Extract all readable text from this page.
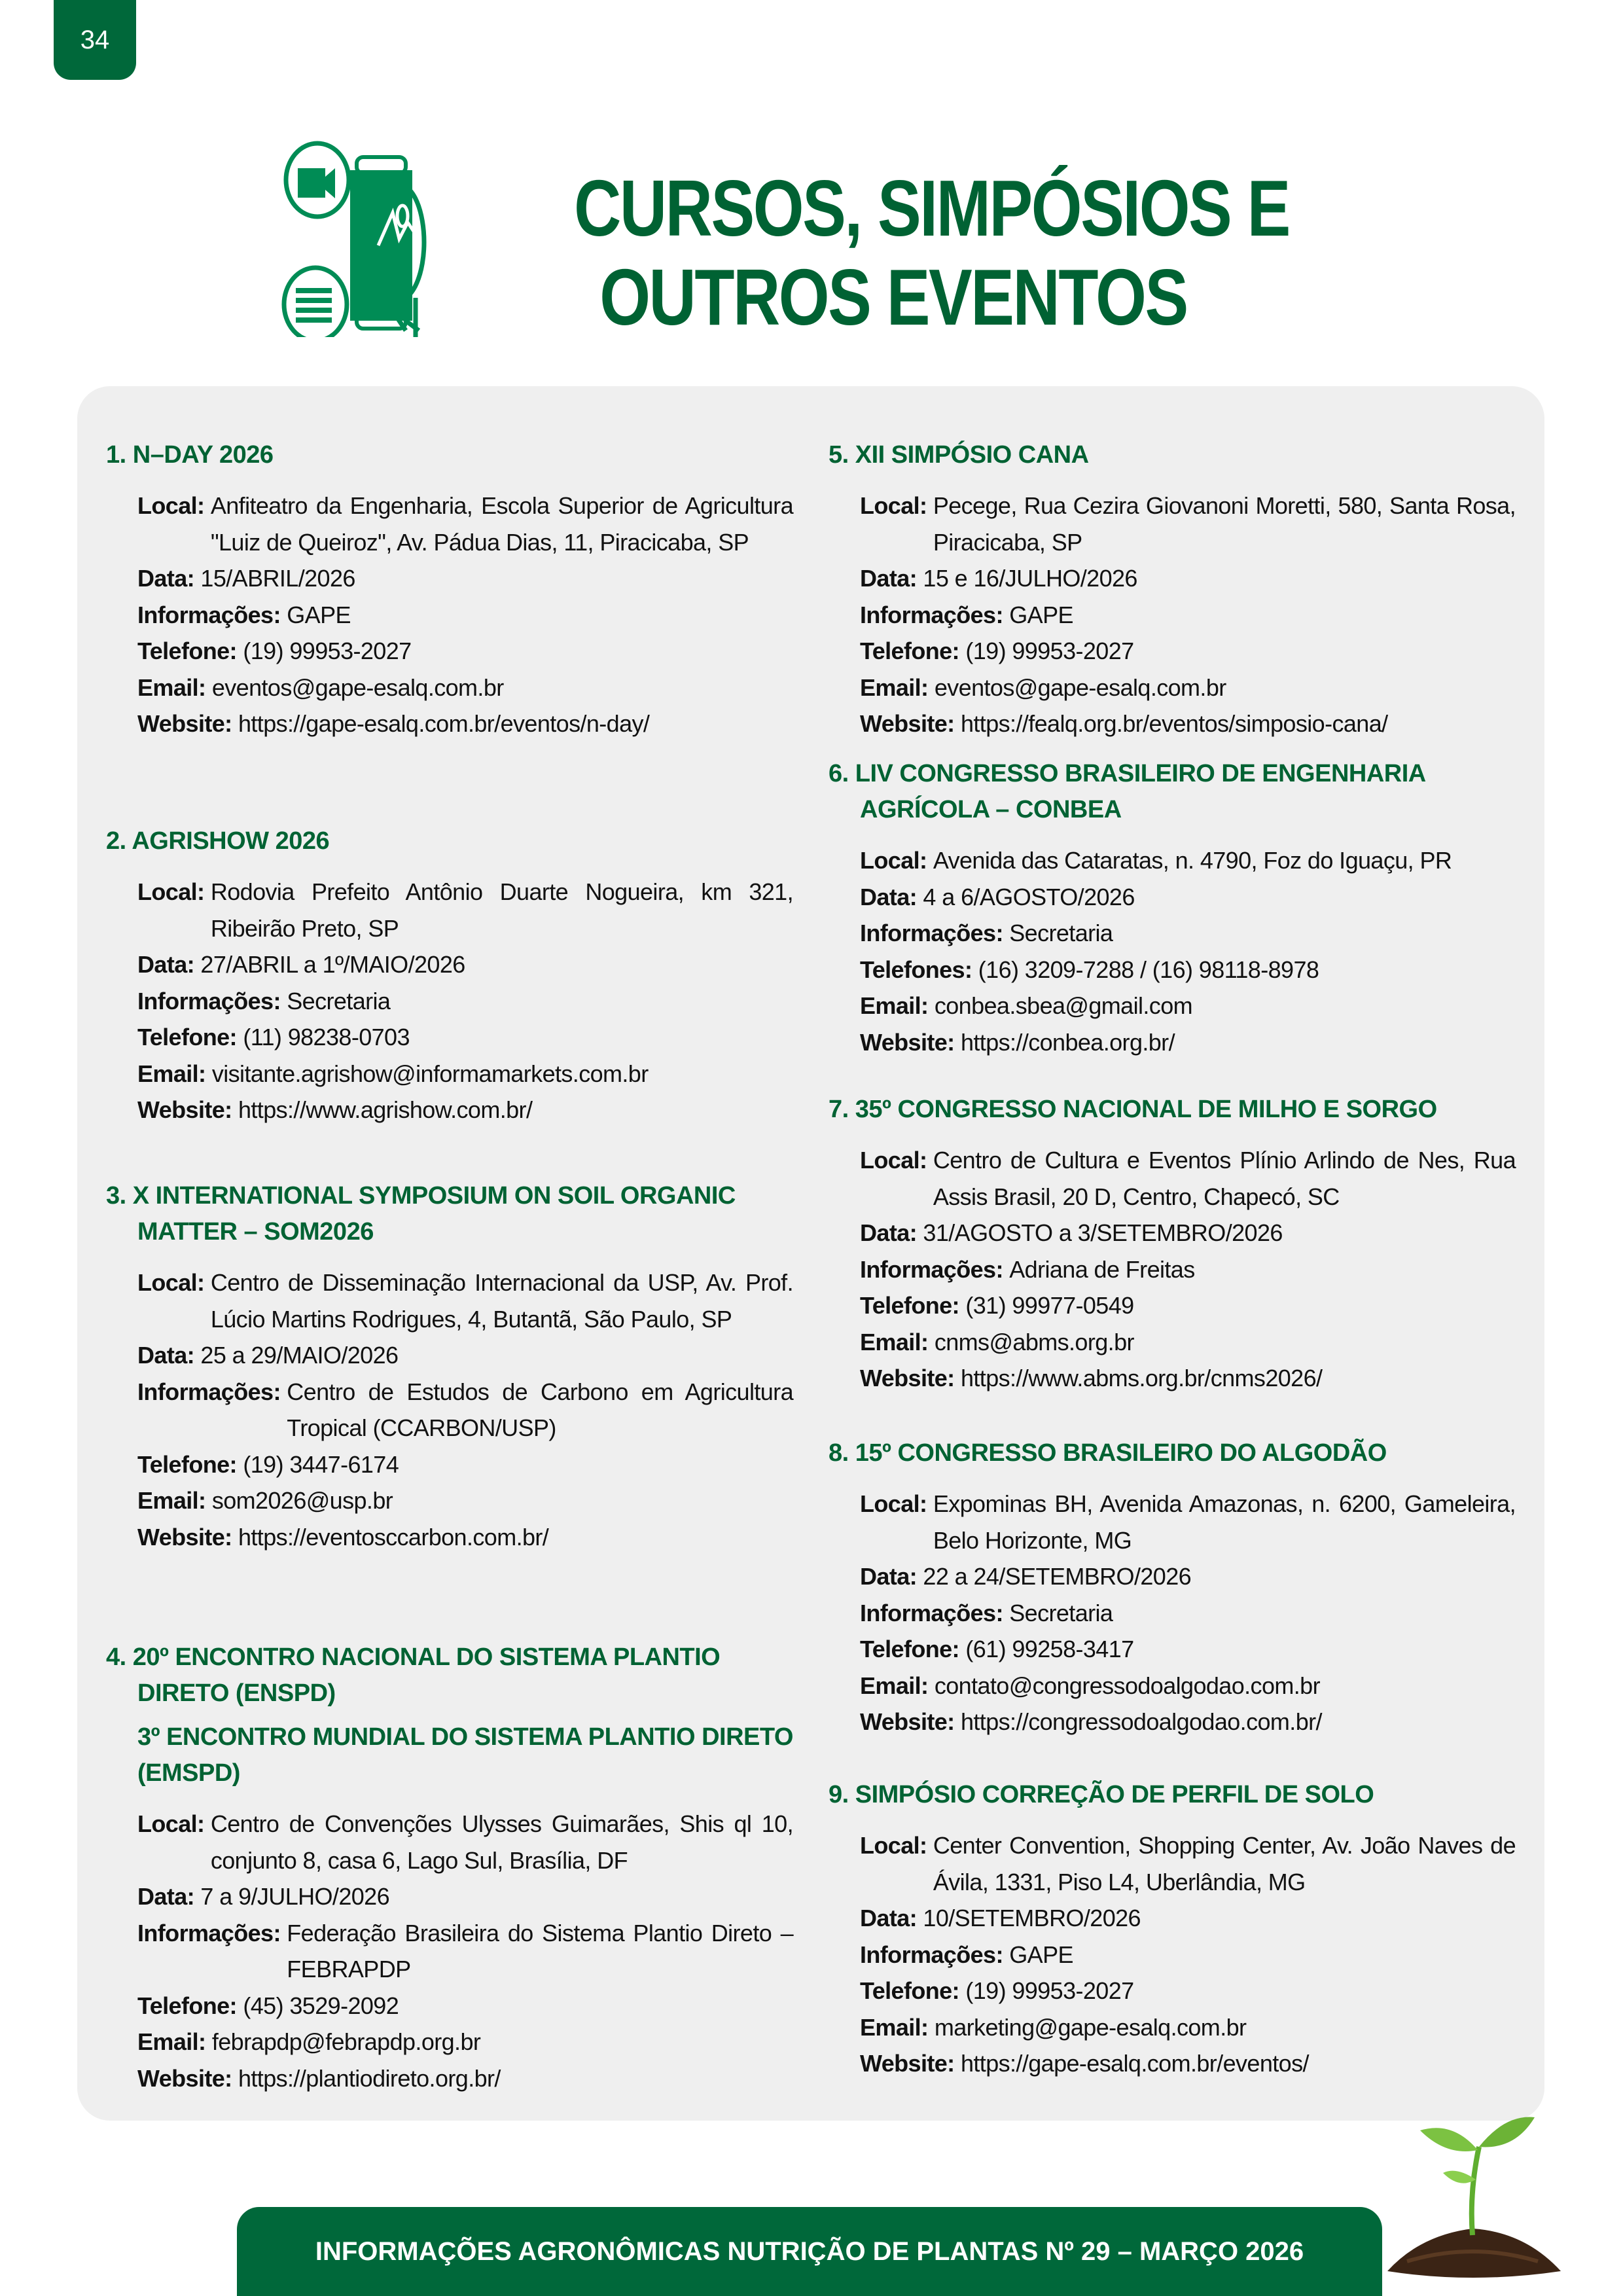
34
CURSOS, SIMPÓSIOS E
OUTROS EVENTOS
1. N–DAY 2026
Local: Anfiteatro da Engenharia, Escola Superior de Agricultura "Luiz de Queiroz", Av. Pádua Dias, 11, Piracicaba, SP
Data: 15/ABRIL/2026
Informações: GAPE
Telefone: (19) 99953-2027
Email: eventos@gape-esalq.com.br
Website: https://gape-esalq.com.br/eventos/n-day/
2. AGRISHOW 2026
Local: Rodovia Prefeito Antônio Duarte Nogueira, km 321, Ribeirão Preto, SP
Data: 27/ABRIL a 1º/MAIO/2026
Informações: Secretaria
Telefone: (11) 98238-0703
Email: visitante.agrishow@informamarkets.com.br
Website: https://www.agrishow.com.br/
3. X INTERNATIONAL SYMPOSIUM ON SOIL ORGANIC MATTER – SOM2026
Local: Centro de Disseminação Internacional da USP, Av. Prof. Lúcio Martins Rodrigues, 4, Butantã, São Paulo, SP
Data: 25 a 29/MAIO/2026
Informações: Centro de Estudos de Carbono em Agricultura Tropical (CCARBON/USP)
Telefone: (19) 3447-6174
Email: som2026@usp.br
Website: https://eventosccarbon.com.br/
4. 20º ENCONTRO NACIONAL DO SISTEMA PLANTIO DIRETO (ENSPD)
3º ENCONTRO MUNDIAL DO SISTEMA PLANTIO DIRETO (EMSPD)
Local: Centro de Convenções Ulysses Guimarães, Shis ql 10, conjunto 8, casa 6, Lago Sul, Brasília, DF
Data: 7 a 9/JULHO/2026
Informações: Federação Brasileira do Sistema Plantio Direto – FEBRAPDP
Telefone: (45) 3529-2092
Email: febrapdp@febrapdp.org.br
Website: https://plantiodireto.org.br/
5. XII SIMPÓSIO CANA
Local: Pecege, Rua Cezira Giovanoni Moretti, 580, Santa Rosa, Piracicaba, SP
Data: 15 e 16/JULHO/2026
Informações: GAPE
Telefone: (19) 99953-2027
Email: eventos@gape-esalq.com.br
Website: https://fealq.org.br/eventos/simposio-cana/
6. LIV CONGRESSO BRASILEIRO DE ENGENHARIA AGRÍCOLA – CONBEA
Local: Avenida das Cataratas, n. 4790, Foz do Iguaçu, PR
Data: 4 a 6/AGOSTO/2026
Informações: Secretaria
Telefones: (16) 3209-7288 / (16) 98118-8978
Email: conbea.sbea@gmail.com
Website: https://conbea.org.br/
7. 35º CONGRESSO NACIONAL DE MILHO E SORGO
Local: Centro de Cultura e Eventos Plínio Arlindo de Nes, Rua Assis Brasil, 20 D, Centro, Chapecó, SC
Data: 31/AGOSTO a 3/SETEMBRO/2026
Informações: Adriana de Freitas
Telefone: (31) 99977-0549
Email: cnms@abms.org.br
Website: https://www.abms.org.br/cnms2026/
8. 15º CONGRESSO BRASILEIRO DO ALGODÃO
Local: Expominas BH, Avenida Amazonas, n. 6200, Gameleira, Belo Horizonte, MG
Data: 22 a 24/SETEMBRO/2026
Informações: Secretaria
Telefone: (61) 99258-3417
Email: contato@congressodoalgodao.com.br
Website: https://congressodoalgodao.com.br/
9. SIMPÓSIO CORREÇÃO DE PERFIL DE SOLO
Local: Center Convention, Shopping Center, Av. João Naves de Ávila, 1331, Piso L4, Uberlândia, MG
Data: 10/SETEMBRO/2026
Informações: GAPE
Telefone: (19) 99953-2027
Email: marketing@gape-esalq.com.br
Website: https://gape-esalq.com.br/eventos/
INFORMAÇÕES AGRONÔMICAS NUTRIÇÃO DE PLANTAS Nº 29 – MARÇO 2026
